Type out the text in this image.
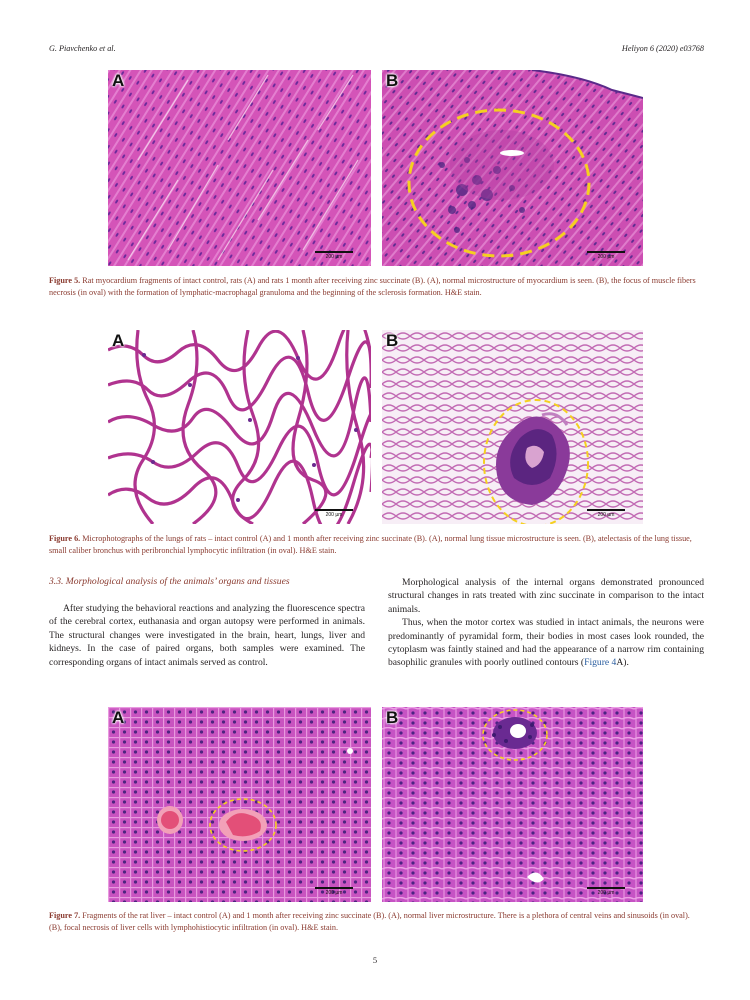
G. Piavchenko et al.	Heliyon 6 (2020) e03768
A
200 µm
B
200 µm
Figure 5. Rat myocardium fragments of intact control, rats (A) and rats 1 month after receiving zinc succinate (B). (A), normal microstructure of myocardium is seen. (B), the focus of muscle fibers necrosis (in oval) with the formation of lymphatic-macrophagal granuloma and the beginning of the sclerosis formation. H&E stain.
A
200 µm
B
200 µm
Figure 6. Microphotographs of the lungs of rats – intact control (A) and 1 month after receiving zinc succinate (B). (A), normal lung tissue microstructure is seen. (B), atelectasis of the lung tissue, small caliber bronchus with peribronchial lymphocytic infiltration (in oval). H&E stain.
3.3. Morphological analysis of the animals’ organs and tissues

After studying the behavioral reactions and analyzing the fluorescence spectra of the cerebral cortex, euthanasia and organ autopsy were performed in animals. The structural changes were investigated in the brain, heart, lungs, liver and kidneys. In the case of paired organs, both samples were examined. The corresponding organs of intact animals served as control.

Morphological analysis of the internal organs demonstrated pronounced structural changes in rats treated with zinc succinate in comparison to the intact animals.

Thus, when the motor cortex was studied in intact animals, the neurons were predominantly of pyramidal form, their bodies in most cases look rounded, the cytoplasm was faintly stained and had the appearance of a narrow rim containing basophilic granules with poorly outlined contours (Figure 4A).

A
200 µm
B
200 µm
Figure 7. Fragments of the rat liver – intact control (A) and 1 month after receiving zinc succinate (B). (A), normal liver microstructure. There is a plethora of central veins and sinusoids (in oval). (B), focal necrosis of liver cells with lymphohistiocytic infiltration (in oval). H&E stain.
5
